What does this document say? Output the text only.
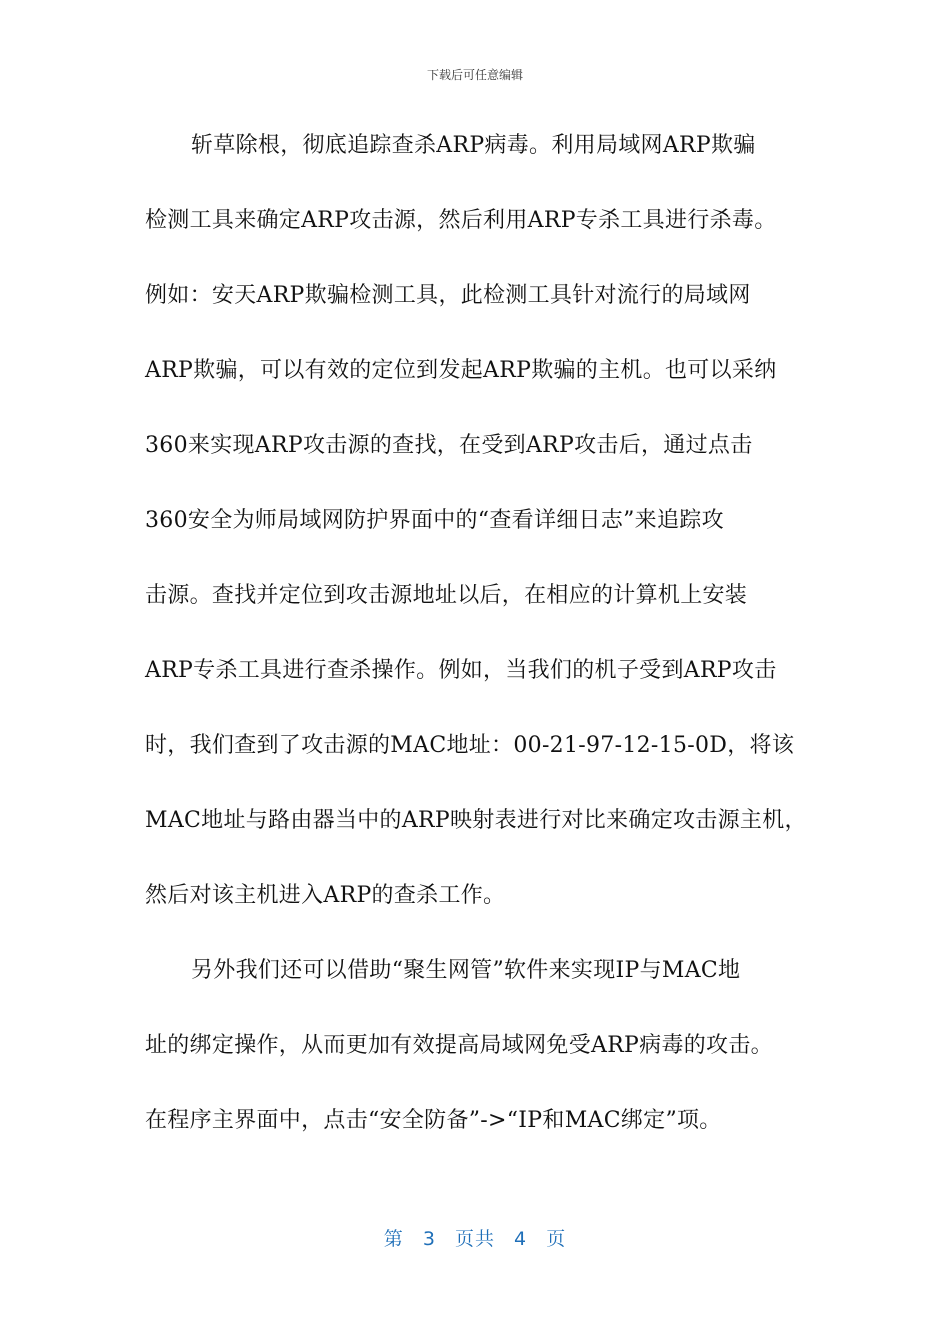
下载后可任意编辑
斩草除根，彻底追踪查杀ARP病毒。利用局域网ARP欺骗
检测工具来确定ARP攻击源，然后利用ARP专杀工具进行杀毒。
例如：安天ARP欺骗检测工具，此检测工具针对流行的局域网
ARP欺骗，可以有效的定位到发起ARP欺骗的主机。也可以采纳
360来实现ARP攻击源的查找，在受到ARP攻击后，通过点击
360安全为师局域网防护界面中的“查看详细日志”来追踪攻
击源。查找并定位到攻击源地址以后，在相应的计算机上安装
ARP专杀工具进行查杀操作。例如，当我们的机子受到ARP攻击
时，我们查到了攻击源的MAC地址：00-21-97-12-15-0D，将该
MAC地址与路由器当中的ARP映射表进行对比来确定攻击源主机，
然后对该主机进入ARP的查杀工作。
另外我们还可以借助“聚生网管”软件来实现IP与MAC地
址的绑定操作，从而更加有效提高局域网免受ARP病毒的攻击。
在程序主界面中，点击“安全防备”->“IP和MAC绑定”项。
第 3 页共 4 页
